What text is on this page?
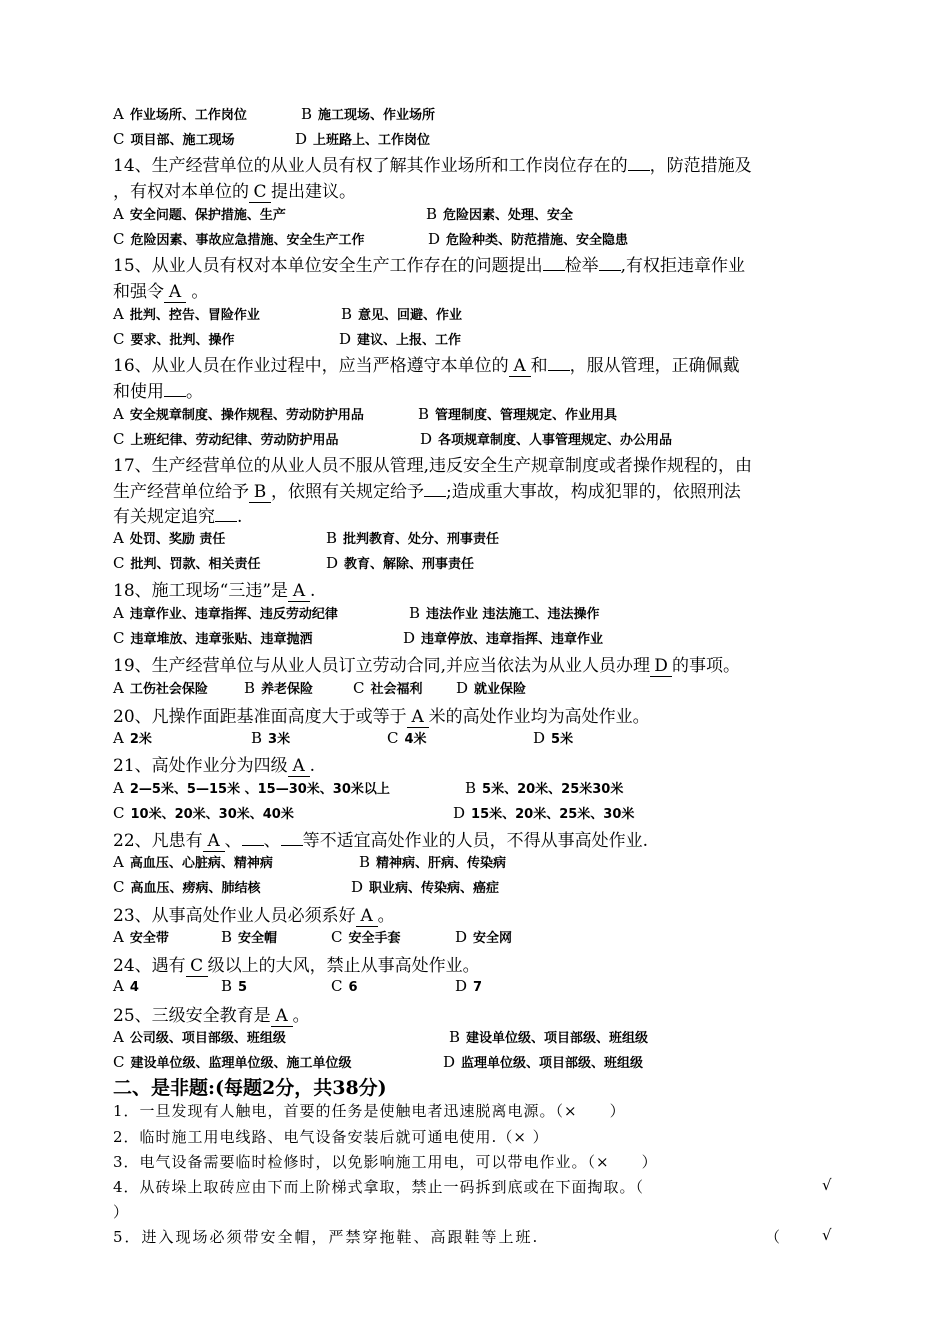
A 作业场所、工作岗位	B 施工现场、作业场所
C 项目部、施工现场	D 上班路上、工作岗位
14、生产经营单位的从业人员有权了解其作业场所和工作岗位存在的 ，防范措施及
，有权对本单位的 C 提出建议。
A 安全问题、保护措施、生产	B 危险因素、处理、安全
C 危险因素、事故应急措施、安全生产工作	D 危险种类、防范措施、安全隐患
15、从业人员有权对本单位安全生产工作存在的问题提出 检举 ,有权拒违章作业
和强令 A 。
A 批判、控告、冒险作业	B 意见、回避、作业
C 要求、批判、操作	D 建议、上报、工作
16、从业人员在作业过程中，应当严格遵守本单位的 A 和 ，服从管理，正确佩戴
和使用 。
A 安全规章制度、操作规程、劳动防护用品	B 管理制度、管理规定、作业用具
C 上班纪律、劳动纪律、劳动防护用品	D 各项规章制度、人事管理规定、办公用品
17、生产经营单位的从业人员不服从管理,违反安全生产规章制度或者操作规程的，由
生产经营单位给予 B ，依照有关规定给予 ;造成重大事故，构成犯罪的，依照刑法
有关规定追究 .
A 处罚、奖励 责任	B 批判教育、处分、刑事责任
C 批判、罚款、相关责任	D 教育、解除、刑事责任
18、施工现场“三违”是 A .
A 违章作业、违章指挥、违反劳动纪律	B 违法作业 违法施工、违法操作
C 违章堆放、违章张贴、违章抛洒	D 违章停放、违章指挥、违章作业
19、生产经营单位与从业人员订立劳动合同,并应当依法为从业人员办理 D 的事项。
A 工伤社会保险 B 养老保险	C 社会福利 D 就业保险
20、凡操作面距基准面高度大于或等于 A 米的高处作业均为高处作业。
A 2米	B 3米	C 4米	D 5米
21、高处作业分为四级 A .
A 2—5米、5—15米 、15—30米、30米以上	B 5米、20米、25米30米
C 10米、20米、30米、40米	D 15米、20米、25米、30米
22、凡患有 A 、 、 等不适宜高处作业的人员，不得从事高处作业.
A 高血压、心脏病、精神病	B 精神病、肝病、传染病
C 高血压、痨病、肺结核	D 职业病、传染病、癌症
23、从事高处作业人员必须系好 A 。
A 安全带	B 安全帽	C 安全手套	D 安全网
24、遇有 C 级以上的大风，禁止从事高处作业。
A 4	B 5	C 6	D 7
25、三级安全教育是 A 。
A 公司级、项目部级、班组级	B 建设单位级、项目部级、班组级
C 建设单位级、监理单位级、施工单位级	D 监理单位级、项目部级、班组级
二、是非题:(每题2分，共38分)
1．一旦发现有人触电，首要的任务是使触电者迅速脱离电源。（×　　）
2．临时施工用电线路、电气设备安装后就可通电使用.（× ）
3．电气设备需要临时检修时，以免影响施工用电，可以带电作业。（×　　）
4．从砖垛上取砖应由下而上阶梯式拿取，禁止一码拆到底或在下面掏取。（	√
）
5．进入现场必须带安全帽，严禁穿拖鞋、高跟鞋等上班.	（	√
